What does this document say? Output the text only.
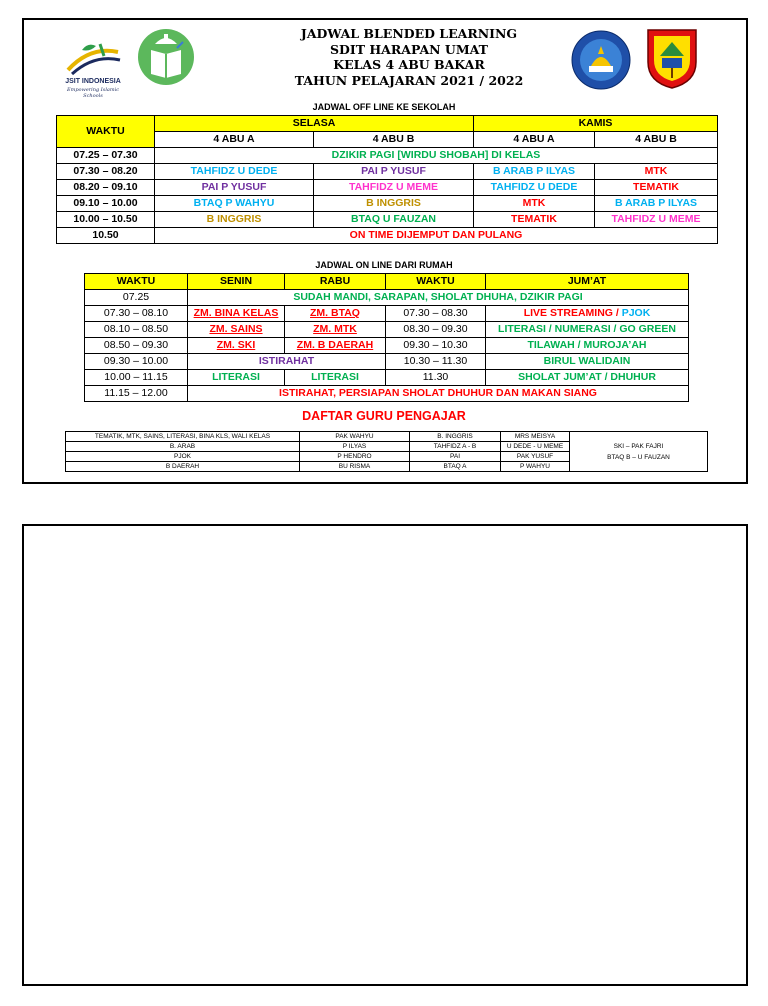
JSIT INDONESIA
Empowering Islamic Schools
JADWAL BLENDED LEARNING
SDIT HARAPAN UMAT
KELAS 4 ABU BAKAR
TAHUN PELAJARAN 2021 / 2022
JADWAL OFF LINE KE SEKOLAH
WAKTU	SELASA		KAMIS	
	4 ABU A	4 ABU B	4 ABU A	4 ABU B
07.25 – 07.30	DZIKIR PAGI [WIRDU SHOBAH] DI KELAS			
07.30 – 08.20	TAHFIDZ U DEDE	PAI P YUSUF	B ARAB P ILYAS	MTK
08.20 – 09.10	PAI P YUSUF	TAHFIDZ U MEME	TAHFIDZ U DEDE	TEMATIK
09.10 – 10.00	BTAQ P WAHYU	B INGGRIS	MTK	B ARAB P ILYAS
10.00 – 10.50	B INGGRIS	BTAQ U FAUZAN	TEMATIK	TAHFIDZ U MEME
10.50	ON TIME DIJEMPUT DAN PULANG			
JADWAL ON LINE DARI RUMAH
WAKTU	SENIN	RABU	WAKTU	JUM’AT
07.25	SUDAH MANDI, SARAPAN, SHOLAT DHUHA, DZIKIR PAGI			
07.30 – 08.10	ZM. BINA KELAS	ZM. BTAQ	07.30 – 08.30	LIVE STREAMING / PJOK
08.10 – 08.50	ZM. SAINS	ZM. MTK	08.30 – 09.30	LITERASI / NUMERASI / GO GREEN
08.50 – 09.30	ZM. SKI	ZM. B DAERAH	09.30 – 10.30	TILAWAH / MUROJA’AH
09.30 – 10.00	ISTIRAHAT		10.30 – 11.30	BIRUL WALIDAIN
10.00 – 11.15	LITERASI	LITERASI	11.30	SHOLAT JUM’AT / DHUHUR
11.15 – 12.00	ISTIRAHAT, PERSIAPAN SHOLAT DHUHUR DAN MAKAN SIANG			
DAFTAR GURU PENGAJAR
TEMATIK, MTK, SAINS, LITERASI, BINA KLS, WALI KELAS	PAK WAHYU	B. INGGRIS	MRS MEISYA	SKI – PAK FAJRI
BTAQ B – U FAUZAN

B. ARAB	P ILYAS	TAHFIDZ A - B	U DEDE - U MEME	
PJOK	P HENDRO	PAI	PAK YUSUF	
B DAERAH	BU RISMA	BTAQ A	P WAHYU	
